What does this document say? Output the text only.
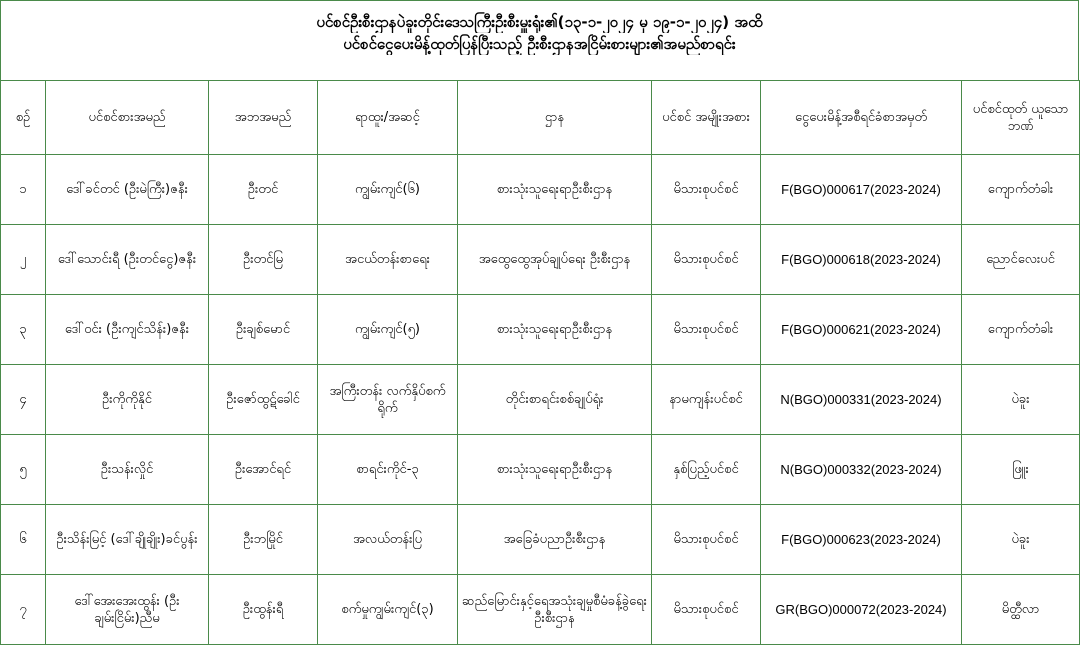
ပင်စင်ဦးစီးဌာနပဲခူးတိုင်းဒေသကြီးဦးစီးမှူးရုံး၏(၁၃-၁-၂၀၂၄ မှ ၁၉-၁-၂၀၂၄) အထိ
ပင်စင်ငွေပေးမိန့်ထုတ်ပြန်ပြီးသည့် ဦးစီးဌာနအငြိမ်းစားများ၏အမည်စာရင်း
စဉ်	ပင်စင်စားအမည်	အဘအမည်	ရာထူး/အဆင့်	ဌာန	ပင်စင် အမျိုးအစား	ငွေပေးမိန့်အစီရင်ခံစာအမှတ်	ပင်စင်ထုတ် ယူသောဘဏ်
၁	ဒေါ်ခင်တင် (ဦးမဲကြီး)ဇနီး	ဦးတင်	ကျွမ်းကျင်(၆)	စားသုံးသူရေးရာဦးစီးဌာန	မိသားစုပင်စင်	F(BGO)000617(2023-2024)	ကျောက်တံခါး
၂	ဒေါ်သောင်းရီ (ဦးတင်ငွေ)ဇနီး	ဦးတင်မြ	အငယ်တန်းစာရေး	အထွေထွေအုပ်ချုပ်ရေး ဦးစီးဌာန	မိသားစုပင်စင်	F(BGO)000618(2023-2024)	ညောင်လေးပင်
၃	ဒေါ်ဝင်း (ဦးကျင်သိန်း)ဇနီး	ဦးချစ်မောင်	ကျွမ်းကျင်(၅)	စားသုံးသူရေးရာဦးစီးဌာန	မိသားစုပင်စင်	F(BGO)000621(2023-2024)	ကျောက်တံခါး
၄	ဦးကိုကိုနိုင်	ဦးဇော်ထွဋ်ခေါင်	အကြီးတန်း လက်နှိပ်စက်ရိုက်	တိုင်းစာရင်းစစ်ချုပ်ရုံး	နာမကျန်းပင်စင်	N(BGO)000331(2023-2024)	ပဲခူး
၅	ဦးသန်းလှိုင်	ဦးအောင်ရင်	စာရင်းကိုင်-၃	စားသုံးသူရေးရာဦးစီးဌာန	နှစ်ပြည့်ပင်စင်	N(BGO)000332(2023-2024)	ဖြူး
၆	ဦးသိန်းမြင့် (ဒေါ်ချိုချိုး)ခင်ပွန်း	ဦးဘမြိုင်	အလယ်တန်းပြ	အခြေခံပညာဦးစီးဌာန	မိသားစုပင်စင်	F(BGO)000623(2023-2024)	ပဲခူး
၇	ဒေါ်အေးအေးထွန်း (ဦးချမ်းငြိမ်း)ညီမ	ဦးထွန်းရီ	စက်မှုကျွမ်းကျင်(၃)	ဆည်မြောင်းနှင့်ရေအသုံးချမှုစီမံခန့်ခွဲရေးဦးစီးဌာန	မိသားစုပင်စင်	GR(BGO)000072(2023-2024)	မိတ္ထီလာ
